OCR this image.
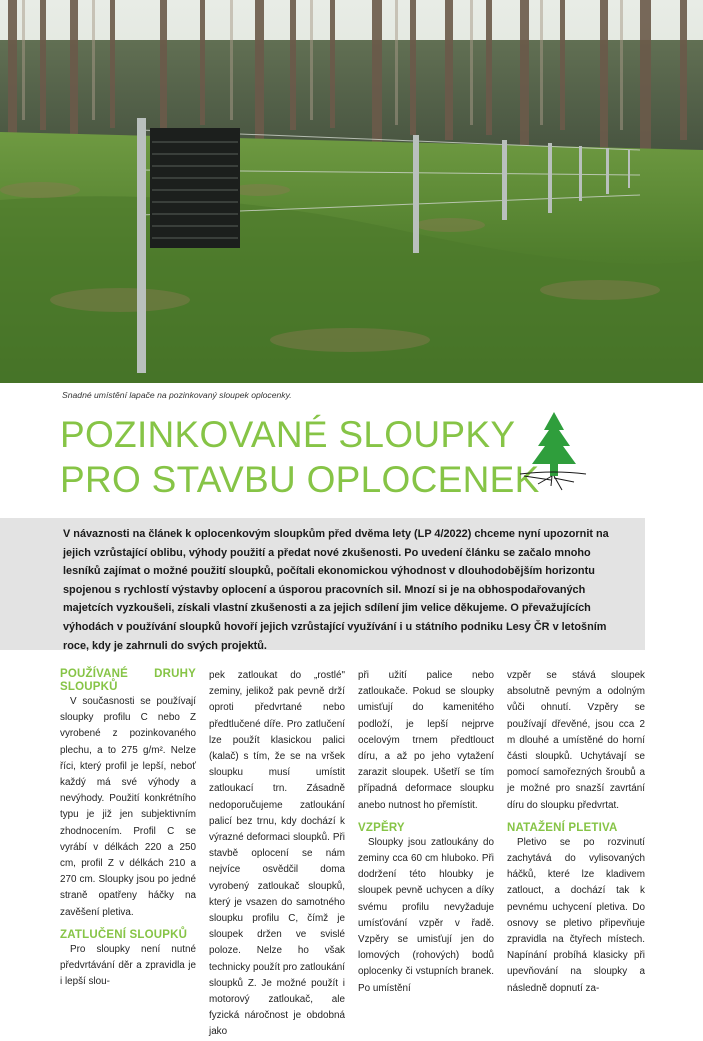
Snadné umístění lapače na pozinkovaný sloupek oplocenky.
POZINKOVANÉ SLOUPKY
PRO STAVBU OPLOCENEK

V návaznosti na článek k oplocenkovým sloupkům před dvěma lety (LP 4/2022) chceme nyní upozornit na jejich vzrůstající oblibu, výhody použití a předat nové zkušenosti. Po uvedení článku se začalo mnoho lesníků zajímat o možné použití sloupků, počítali ekonomickou výhodnost v dlouhodobějším horizontu spojenou s rychlostí výstavby oplocení a úsporou pracovních sil. Mnozí si je na obhospodařovaných majetcích vyzkoušeli, získali vlastní zkušenosti a za jejich sdílení jim velice děkujeme. O převažujících výhodách v používání sloupků hovoří jejich vzrůstající využívání i u státního podniku Lesy ČR v letošním roce, kdy je zahrnuli do svých projektů.

POUŽÍVANÉ DRUHY SLOUPKŮ

V současnosti se používají sloupky profilu C nebo Z vyrobené z pozinkovaného plechu, a to 275 g/m². Nelze říci, který profil je lepší, neboť každý má své výhody a nevýhody. Použití konkrétního typu je již jen subjektivním zhodnocením. Profil C se vyrábí v délkách 220 a 250 cm, profil Z v délkách 210 a 270 cm. Sloupky jsou po jedné straně opatřeny háčky na zavěšení pletiva.

ZATLUČENÍ SLOUPKŮ

Pro sloupky není nutné předvrtávání děr a zpravidla je i lepší slou-

pek zatloukat do „rostlé" zeminy, jelikož pak pevně drží oproti předvrtané nebo předtlučené díře. Pro zatlučení lze použít klasickou palici (kalač) s tím, že se na vršek sloupku musí umístit zatloukací trn. Zásadně nedoporučujeme zatloukání palicí bez trnu, kdy dochází k výrazné deformaci sloupků. Při stavbě oplocení se nám nejvíce osvědčil doma vyrobený zatloukač sloupků, který je vsazen do samotného sloupku profilu C, čímž je sloupek držen ve svislé poloze. Nelze ho však technicky použít pro zatloukání sloupků Z. Je možné použít i motorový zatloukač, ale fyzická náročnost je obdobná jako

při užití palice nebo zatloukače. Pokud se sloupky umisťují do kamenitého podloží, je lepší nejprve ocelovým trnem předtlouct díru, a až po jeho vytažení zarazit sloupek. Ušetří se tím případná deformace sloupku anebo nutnost ho přemístit.

VZPĚRY

Sloupky jsou zatloukány do zeminy cca 60 cm hluboko. Při dodržení této hloubky je sloupek pevně uchycen a díky svému profilu nevyžaduje umísťování vzpěr v řadě. Vzpěry se umisťují jen do lomových (rohových) bodů oplocenky či vstupních branek. Po umístění

vzpěr se stává sloupek absolutně pevným a odolným vůči ohnutí. Vzpěry se používají dřevěné, jsou cca 2 m dlouhé a umístěné do horní části sloupků. Uchytávají se pomocí samořezných šroubů a je možné pro snazší zavrtání díru do sloupku předvrtat.

NATAŽENÍ PLETIVA

Pletivo se po rozvinutí zachytává do vylisovaných háčků, které lze kladivem zatlouct, a dochází tak k pevnému uchycení pletiva. Do osnovy se pletivo připevňuje zpravidla na čtyřech místech. Napínání probíhá klasicky při upevňování na sloupky a následně dopnutí za-
